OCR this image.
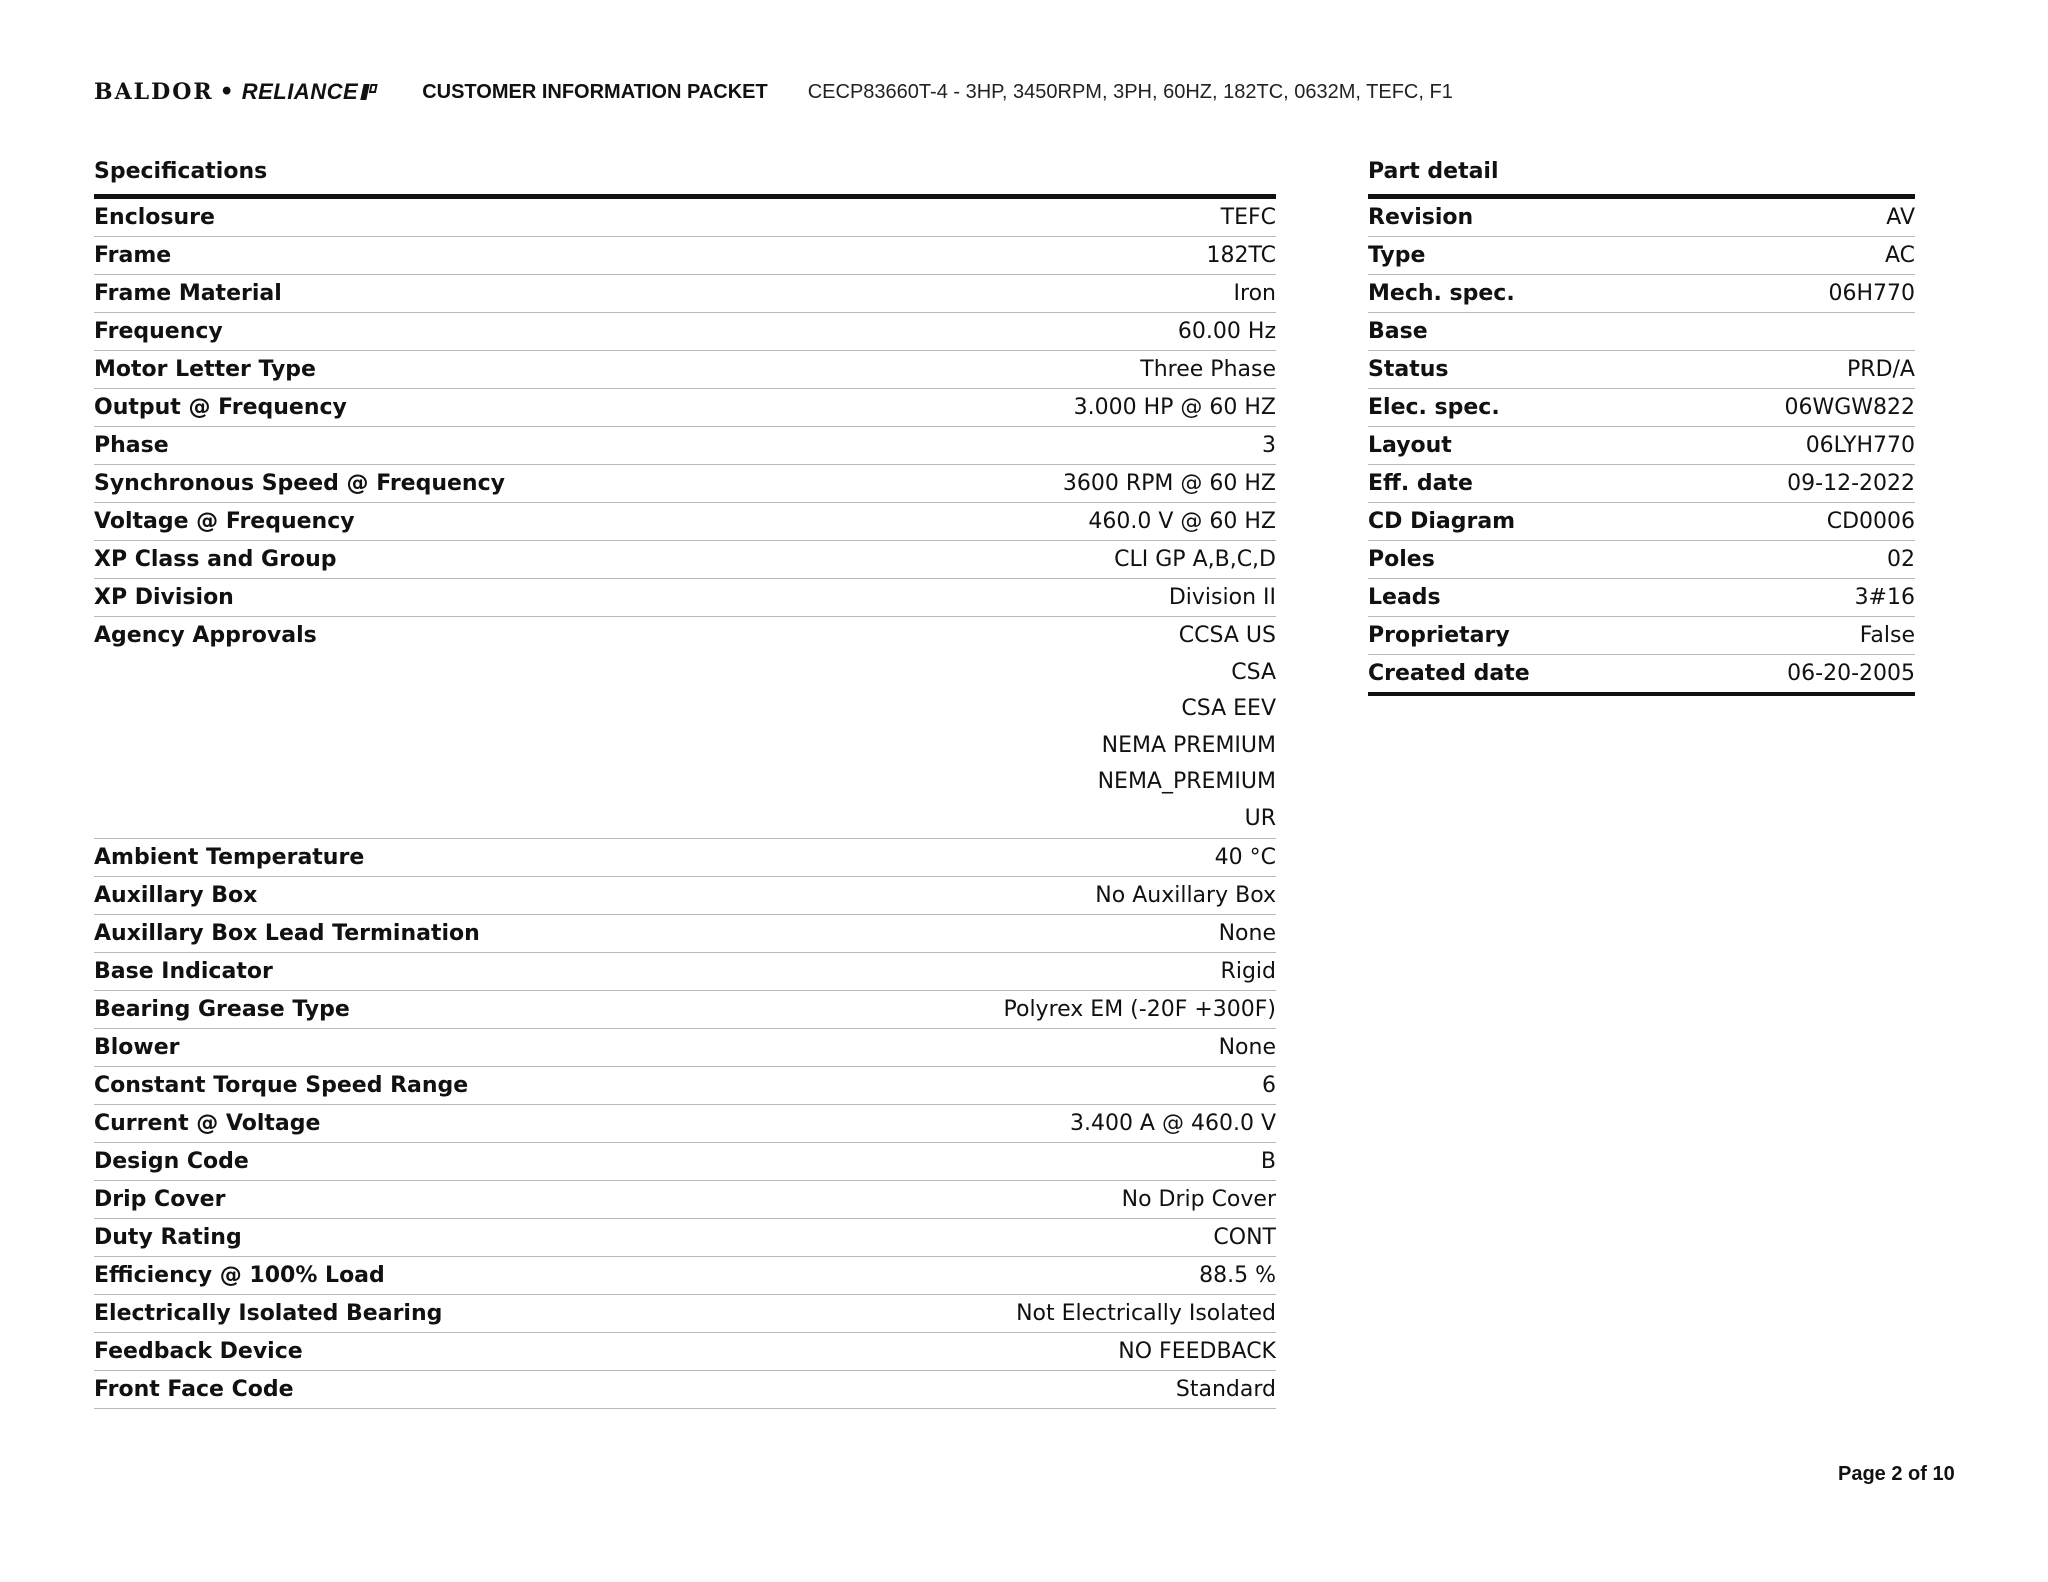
BALDOR • RELIANCE	CUSTOMER INFORMATION PACKET CECP83660T-4 - 3HP, 3450RPM, 3PH, 60HZ, 182TC, 0632M, TEFC, F1
Specifications
Enclosure	TEFC
Frame	182TC
Frame Material	Iron
Frequency	60.00 Hz
Motor Letter Type	Three Phase
Output @ Frequency	3.000 HP @ 60 HZ
Phase	3
Synchronous Speed @ Frequency	3600 RPM @ 60 HZ
Voltage @ Frequency	460.0 V @ 60 HZ
XP Class and Group	CLI GP A,B,C,D
XP Division	Division II
Agency Approvals	CCSA US
CSA
CSA EEV
NEMA PREMIUM
NEMA_PREMIUM
UR
Ambient Temperature	40 °C
Auxillary Box	No Auxillary Box
Auxillary Box Lead Termination	None
Base Indicator	Rigid
Bearing Grease Type	Polyrex EM (-20F +300F)
Blower	None
Constant Torque Speed Range	6
Current @ Voltage	3.400 A @ 460.0 V
Design Code	B
Drip Cover	No Drip Cover
Duty Rating	CONT
Efficiency @ 100% Load	88.5 %
Electrically Isolated Bearing	Not Electrically Isolated
Feedback Device	NO FEEDBACK
Front Face Code	Standard
Part detail
Revision	AV
Type	AC
Mech. spec.	06H770
Base
Status	PRD/A
Elec. spec.	06WGW822
Layout	06LYH770
Eff. date	09-12-2022
CD Diagram	CD0006
Poles	02
Leads	3#16
Proprietary	False
Created date	06-20-2005
Page 2 of 10
